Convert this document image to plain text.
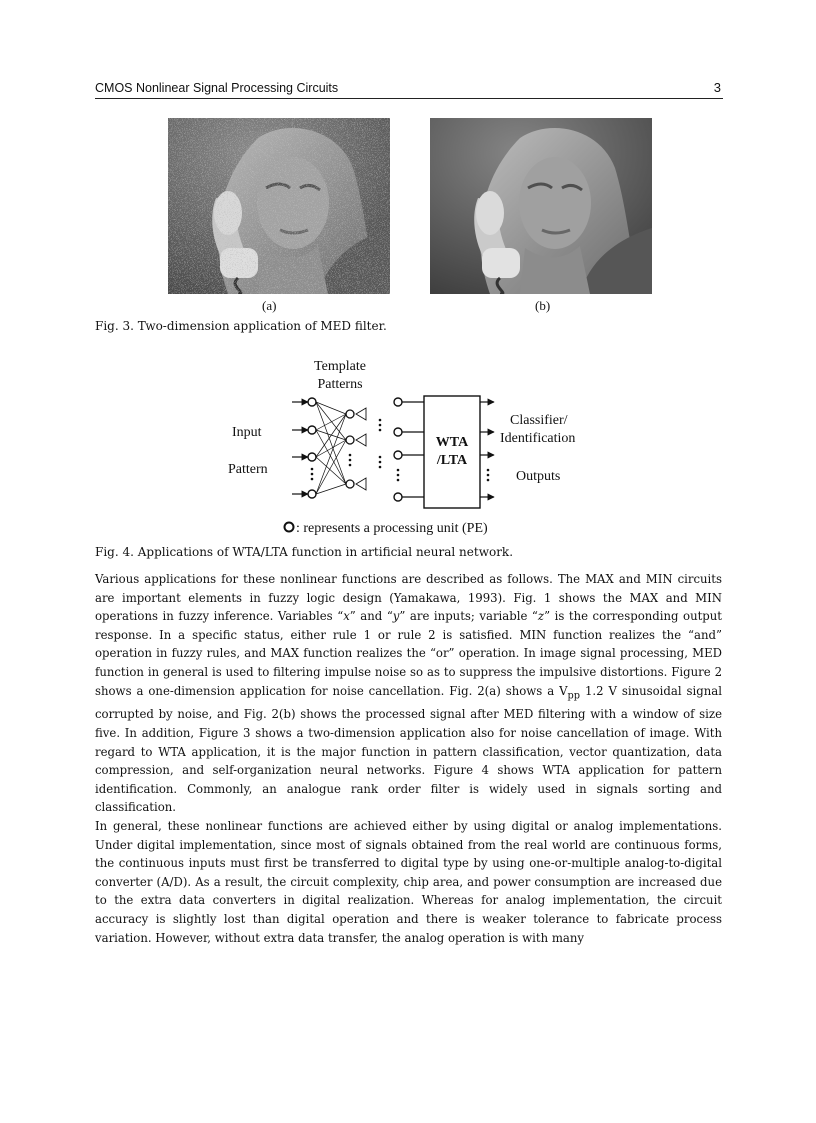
CMOS Nonlinear Signal Processing Circuits	3
(a)	(b)
Fig. 3. Two-dimension application of MED filter.
Template
Patterns
Input
Pattern
WTA
/LTA
Classifier/
Identification
Outputs
: represents a processing unit (PE)
Fig. 4. Applications of WTA/LTA function in artificial neural network.

Various applications for these nonlinear functions are described as follows. The MAX and MIN circuits are important elements in fuzzy logic design (Yamakawa, 1993). Fig. 1 shows the MAX and MIN operations in fuzzy inference. Variables “x” and “y” are inputs; variable “z” is the corresponding output response. In a specific status, either rule 1 or rule 2 is satisfied. MIN function realizes the “and” operation in fuzzy rules, and MAX function realizes the “or” operation. In image signal processing, MED function in general is used to filtering impulse noise so as to suppress the impulsive distortions. Figure 2 shows a one-dimension application for noise cancellation. Fig. 2(a) shows a $V_{pp}$ 1.2 V sinusoidal signal corrupted by noise, and Fig. 2(b) shows the processed signal after MED filtering with a window of size five. In addition, Figure 3 shows a two-dimension application also for noise cancellation of image. With regard to WTA application, it is the major function in pattern classification, vector quantization, data compression, and self-organization neural networks. Figure 4 shows WTA application for pattern identification. Commonly, an analogue rank order filter is widely used in signals sorting and classification.

In general, these nonlinear functions are achieved either by using digital or analog implementations. Under digital implementation, since most of signals obtained from the real world are continuous forms, the continuous inputs must first be transferred to digital type by using one-or-multiple analog-to-digital converter (A/D). As a result, the circuit complexity, chip area, and power consumption are increased due to the extra data converters in digital realization. Whereas for analog implementation, the circuit accuracy is slightly lost than digital operation and there is weaker tolerance to fabricate process variation. However, without extra data transfer, the analog operation is with many
